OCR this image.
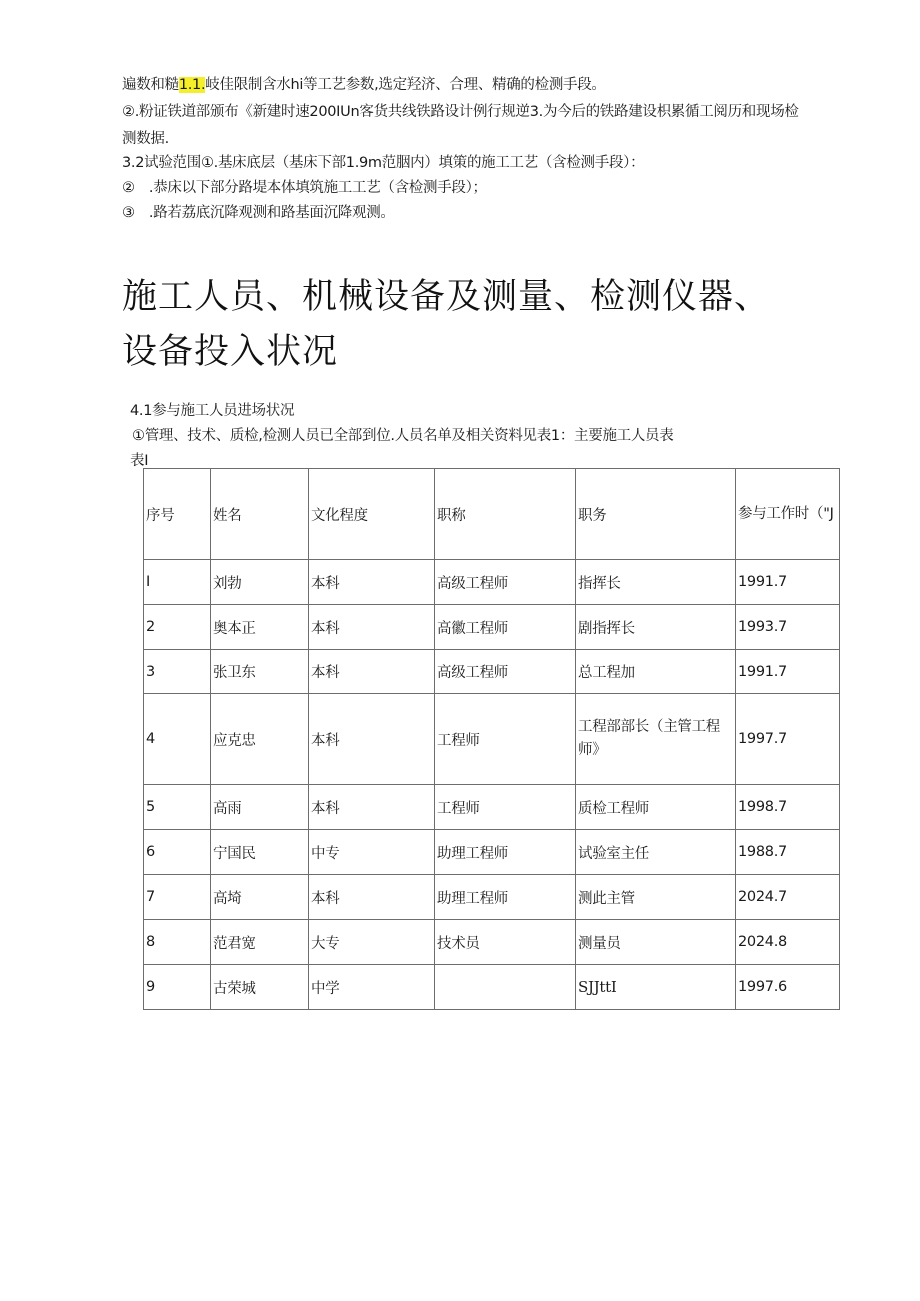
遍数和糙1.1.岐佳限制含水hi等工艺参数,选定羟济、合理、精确的检测手段。
②.粉证铁道部颁布《新建时速200IUn客货共线铁路设计例行规逆3.为今后的铁路建设枳累循工阅历和现场检
测数据.
3.2试验范围①.基床底层（基床下部1.9m范胭内）填策的施工工艺（含检测手段）：
②　.恭床以下部分路堤本体填筑施工工艺（含检测手段）；
③　.路若荔底沉降观测和路基面沉降观测。
施工人员、机械设备及测量、检测仪器、
设备投入状况
4.1参与施工人员进场状况
①管理、技术、质检,检测人员已全部到位.人员名单及相关资料见表1：主要施工人员表
表I
序号	姓名	文化程度	职称	职务	参与工作时（"J
I	刘勃	本科	高级工程师	指挥长	1991.7
2	奥本正	本科	高徽工程师	剧指挥长	1993.7
3	张卫东	本科	高级工程师	总工程加	1991.7
4	应克忠	本科	工程师	工程部部长（主管工程师》	1997.7
5	高雨	本科	工程师	质检工程师	1998.7
6	宁国民	中专	助理工程师	试验室主任	1988.7
7	高埼	本科	助理工程师	测此主管	2024.7
8	范君宽	大专	技术员	测量员	2024.8
9	古荣城	中学		SJJttI	1997.6
